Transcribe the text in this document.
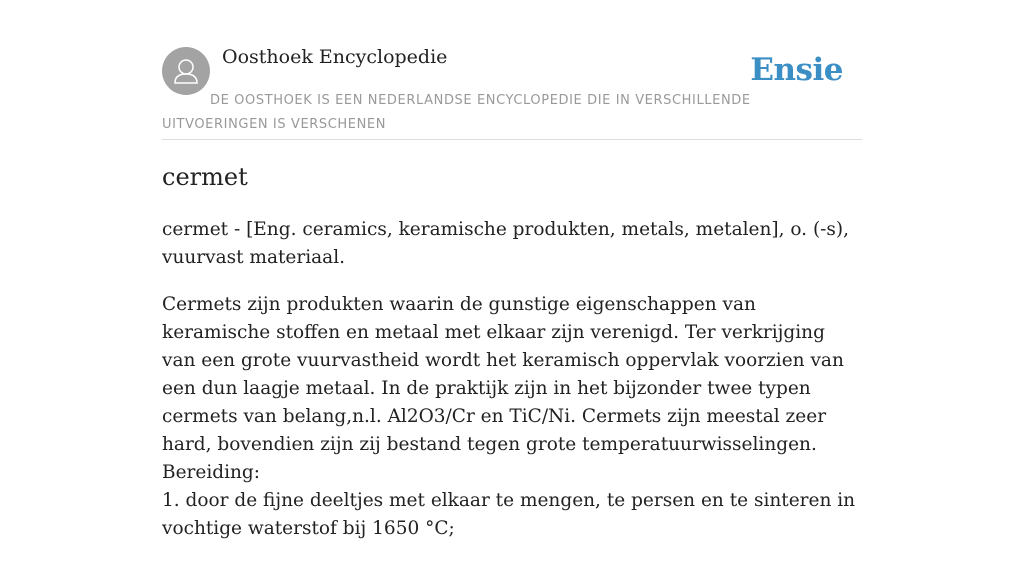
Oosthoek Encyclopedie	Ensie
DE OOSTHOEK IS EEN NEDERLANDSE ENCYCLOPEDIE DIE IN VERSCHILLENDE UITVOERINGEN IS VERSCHENEN
cermet

cermet - [Eng. ceramics, keramische produkten, metals, metalen], o. (-s), vuurvast materiaal.

Cermets zijn produkten waarin de gunstige eigenschappen van keramische stoffen en metaal met elkaar zijn verenigd. Ter verkrijging van een grote vuurvastheid wordt het keramisch oppervlak voorzien van een dun laagje metaal. In de praktijk zijn in het bijzonder twee typen cermets van belang,n.l. Al2O3/Cr en TiC/Ni. Cermets zijn meestal zeer hard, bovendien zijn zij bestand tegen grote temperatuurwisselingen. Bereiding:
1. door de fijne deeltjes met elkaar te mengen, te persen en te sinteren in vochtige waterstof bij 1650 °C;
